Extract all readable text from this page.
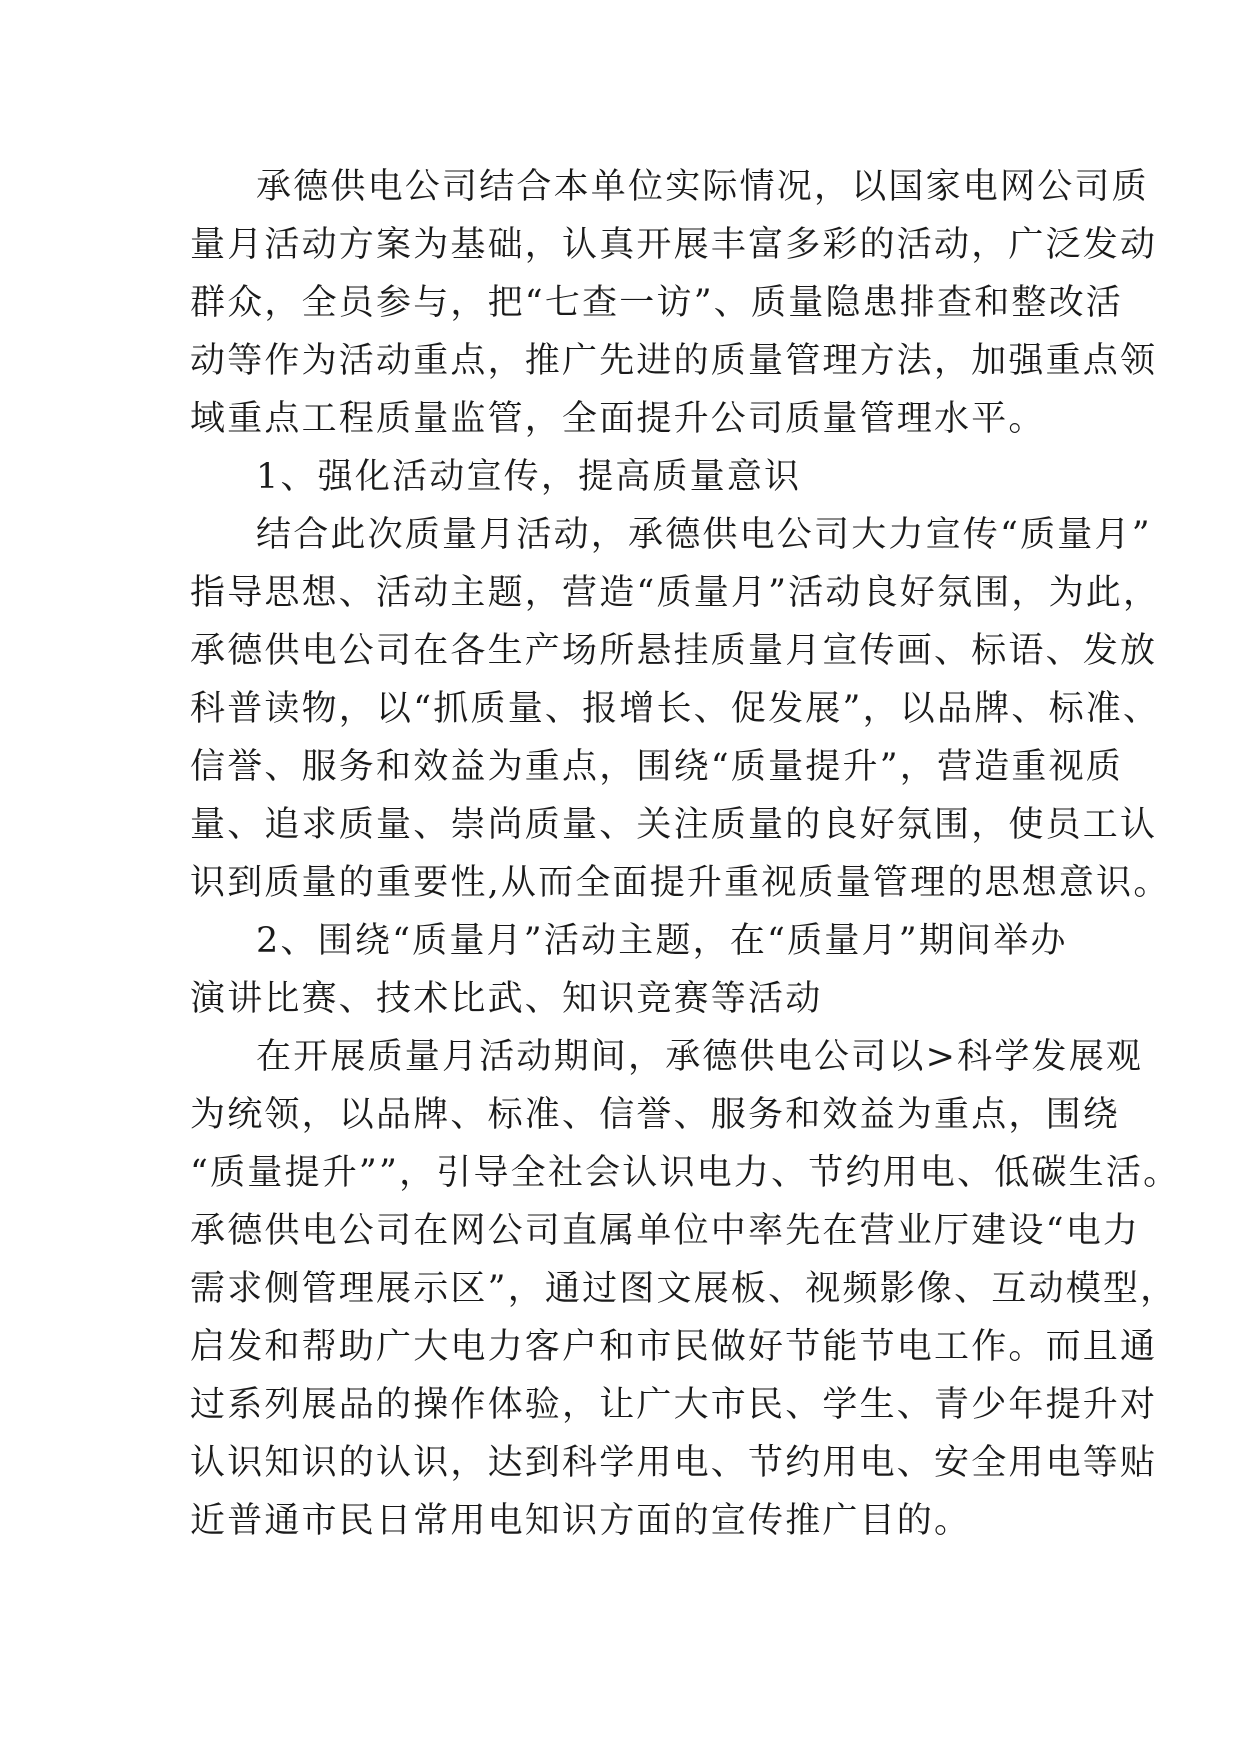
承德供电公司结合本单位实际情况，以国家电网公司质
量月活动方案为基础，认真开展丰富多彩的活动，广泛发动
群众，全员参与，把“七查一访”、质量隐患排查和整改活
动等作为活动重点，推广先进的质量管理方法，加强重点领
域重点工程质量监管，全面提升公司质量管理水平。
1、强化活动宣传，提高质量意识
结合此次质量月活动，承德供电公司大力宣传“质量月”
指导思想、活动主题，营造“质量月”活动良好氛围，为此，
承德供电公司在各生产场所悬挂质量月宣传画、标语、发放
科普读物，以“抓质量、报增长、促发展”，以品牌、标准、
信誉、服务和效益为重点，围绕“质量提升”，营造重视质
量、追求质量、崇尚质量、关注质量的良好氛围，使员工认
识到质量的重要性,从而全面提升重视质量管理的思想意识。
2、围绕“质量月”活动主题，在“质量月”期间举办
演讲比赛、技术比武、知识竞赛等活动
在开展质量月活动期间，承德供电公司以>科学发展观
为统领，以品牌、标准、信誉、服务和效益为重点，围绕
“质量提升””，引导全社会认识电力、节约用电、低碳生活。
承德供电公司在网公司直属单位中率先在营业厅建设“电力
需求侧管理展示区”，通过图文展板、视频影像、互动模型，
启发和帮助广大电力客户和市民做好节能节电工作。而且通
过系列展品的操作体验，让广大市民、学生、青少年提升对
认识知识的认识，达到科学用电、节约用电、安全用电等贴
近普通市民日常用电知识方面的宣传推广目的。
